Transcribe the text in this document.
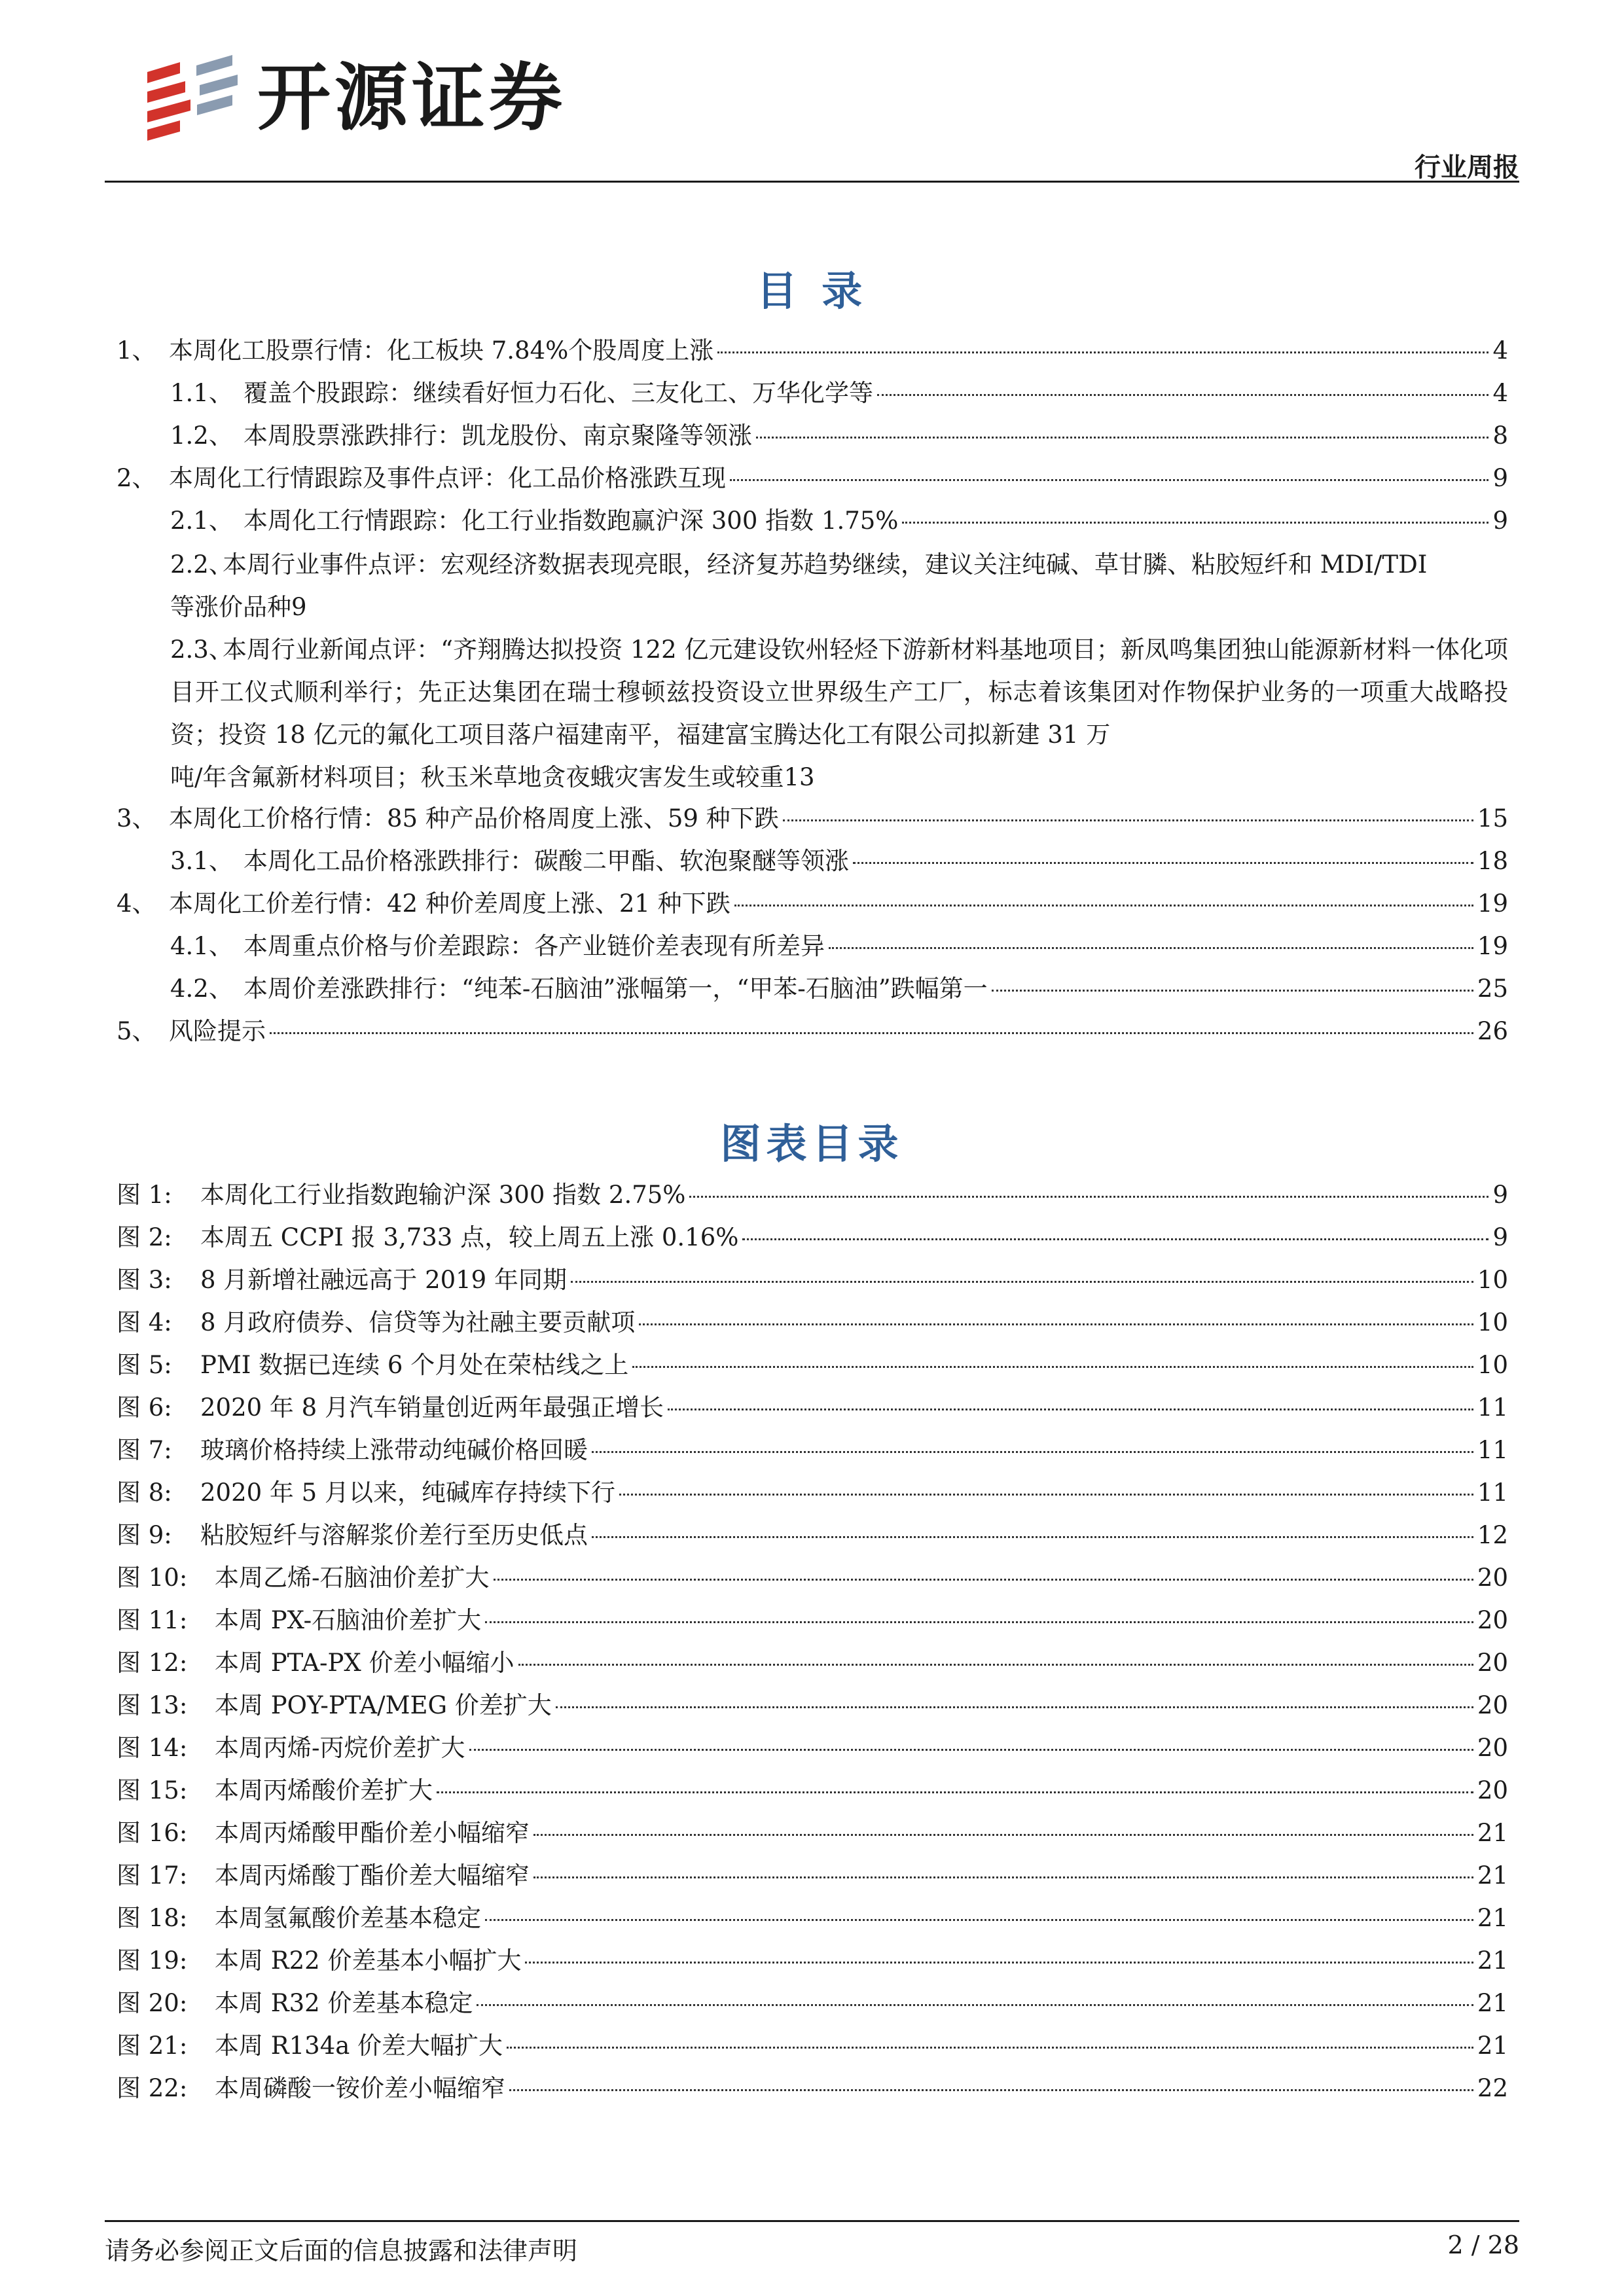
开源证券
行业周报
目 录
1、 本周化工股票行情：化工板块 7.84%个股周度上涨	4
1.1、 覆盖个股跟踪：继续看好恒力石化、三友化工、万华化学等	4
1.2、 本周股票涨跌排行：凯龙股份、南京聚隆等领涨	8
2、 本周化工行情跟踪及事件点评：化工品价格涨跌互现	9
2.1、 本周化工行情跟踪：化工行业指数跑赢沪深 300 指数 1.75%	9
2.2、本周行业事件点评：宏观经济数据表现亮眼，经济复苏趋势继续，建议关注纯碱、草甘膦、粘胶短纤和 MDI/TDI
等涨价品种 9
2.3、本周行业新闻点评：“齐翔腾达拟投资 122 亿元建设钦州轻烃下游新材料基地项目；新凤鸣集团独山能源新材料一体化项目开工仪式顺利举行；先正达集团在瑞士穆顿兹投资设立世界级生产工厂，标志着该集团对作物保护业务的一项重大战略投资；投资 18 亿元的氟化工项目落户福建南平，福建富宝腾达化工有限公司拟新建 31 万
吨/年含氟新材料项目；秋玉米草地贪夜蛾灾害发生或较重 13
3、 本周化工价格行情：85 种产品价格周度上涨、59 种下跌	15
3.1、 本周化工品价格涨跌排行：碳酸二甲酯、软泡聚醚等领涨	18
4、 本周化工价差行情：42 种价差周度上涨、21 种下跌	19
4.1、 本周重点价格与价差跟踪：各产业链价差表现有所差异	19
4.2、 本周价差涨跌排行：“纯苯-石脑油”涨幅第一，“甲苯-石脑油”跌幅第一	25
5、 风险提示	26
图表目录
图 1:	本周化工行业指数跑输沪深 300 指数 2.75%	9
图 2:	本周五 CCPI 报 3,733 点，较上周五上涨 0.16%	9
图 3:	8 月新增社融远高于 2019 年同期	10
图 4:	8 月政府债券、信贷等为社融主要贡献项	10
图 5:	PMI 数据已连续 6 个月处在荣枯线之上	10
图 6:	2020 年 8 月汽车销量创近两年最强正增长	11
图 7:	玻璃价格持续上涨带动纯碱价格回暖	11
图 8:	2020 年 5 月以来，纯碱库存持续下行	11
图 9:	粘胶短纤与溶解浆价差行至历史低点	12
图 10:	本周乙烯-石脑油价差扩大	20
图 11:	本周 PX-石脑油价差扩大	20
图 12:	本周 PTA-PX 价差小幅缩小	20
图 13:	本周 POY-PTA/MEG 价差扩大	20
图 14:	本周丙烯-丙烷价差扩大	20
图 15:	本周丙烯酸价差扩大	20
图 16:	本周丙烯酸甲酯价差小幅缩窄	21
图 17:	本周丙烯酸丁酯价差大幅缩窄	21
图 18:	本周氢氟酸价差基本稳定	21
图 19:	本周 R22 价差基本小幅扩大	21
图 20:	本周 R32 价差基本稳定	21
图 21:	本周 R134a 价差大幅扩大	21
图 22:	本周磷酸一铵价差小幅缩窄	22
请务必参阅正文后面的信息披露和法律声明	2 / 28
